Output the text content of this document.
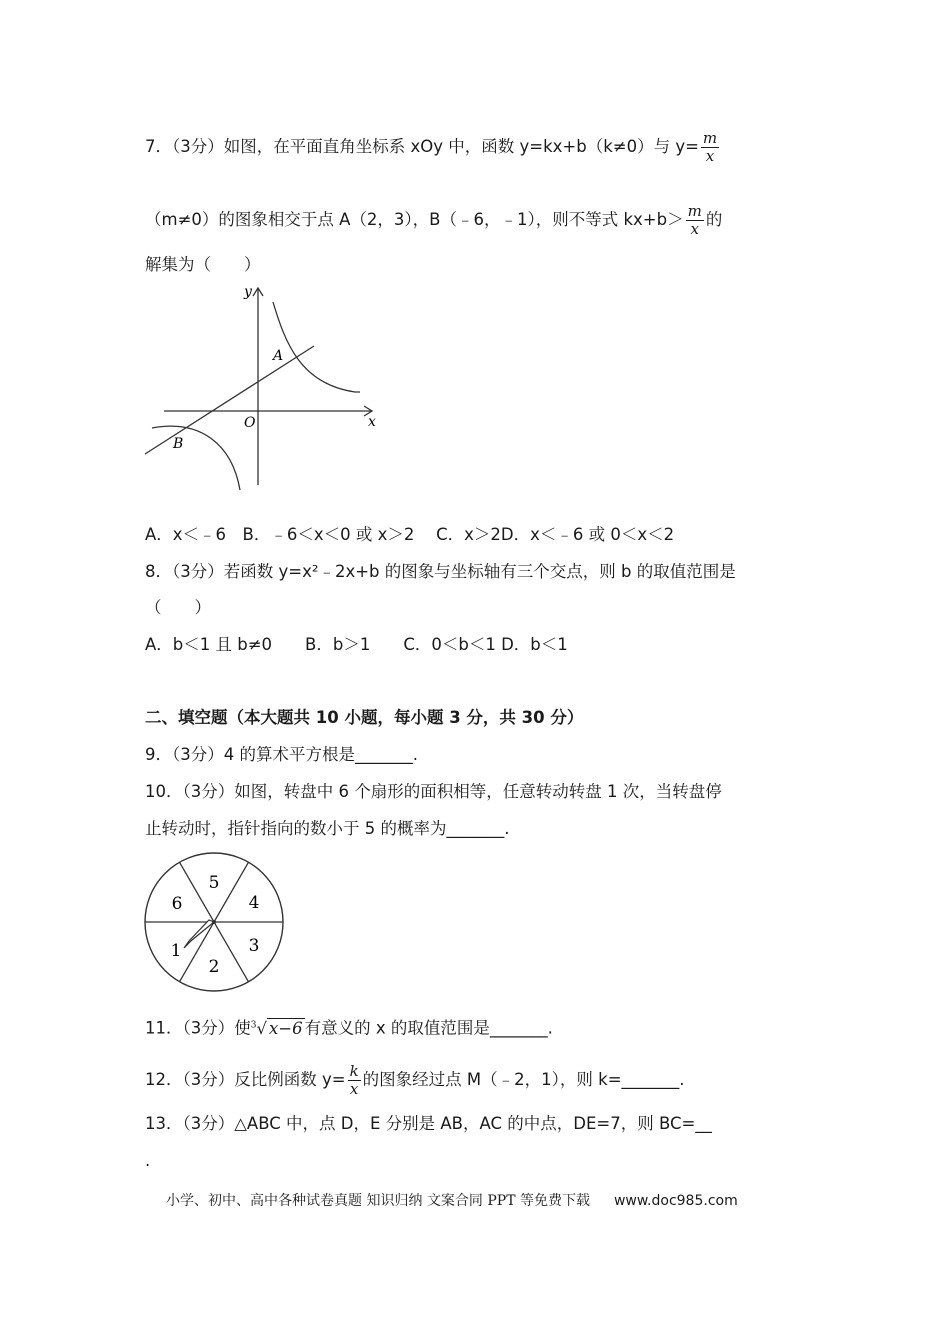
7．（3分）如图，在平面直角坐标系 xOy 中，函数 y=kx+b（k≠0）与 $y= \frac{m}{x}$
（m≠0）的图象相交于点 A（2，3），B（﹣6，﹣1），则不等式 $kx+b> \frac{m}{x}$ 的
解集为（　　）
y
x
O
A
B
A．x＜﹣6　B．﹣6＜x＜0 或 x＞2　 C．x＞2D．x＜﹣6 或 0＜x＜2
8．（3分）若函数 y=x²﹣2x+b 的图象与坐标轴有三个交点，则 b 的取值范围是
（　　）
A．b＜1 且 b≠0　　B．b＞1　　C．0＜b＜1 D．b＜1
二、填空题（本大题共 10 小题，每小题 3 分，共 30 分）
9．（3分）4 的算术平方根是_______.
10．（3分）如图，转盘中 6 个扇形的面积相等，任意转动转盘 1 次，当转盘停
止转动时，指针指向的数小于 5 的概率为_______.
5
4
3
2
1
6
11．（3分）使$^3$√ x−6 有意义的 x 的取值范围是_______.
12．（3分）反比例函数 $y= \frac{k}{x}$ 的图象经过点 M（﹣2，1），则 k=_______.
13．（3分）△ABC 中，点 D，E 分别是 AB，AC 的中点，DE=7，则 BC=__
.
小学、初中、高中各种试卷真题 知识归纳 文案合同 PPT 等免费下载 www.doc985.com
